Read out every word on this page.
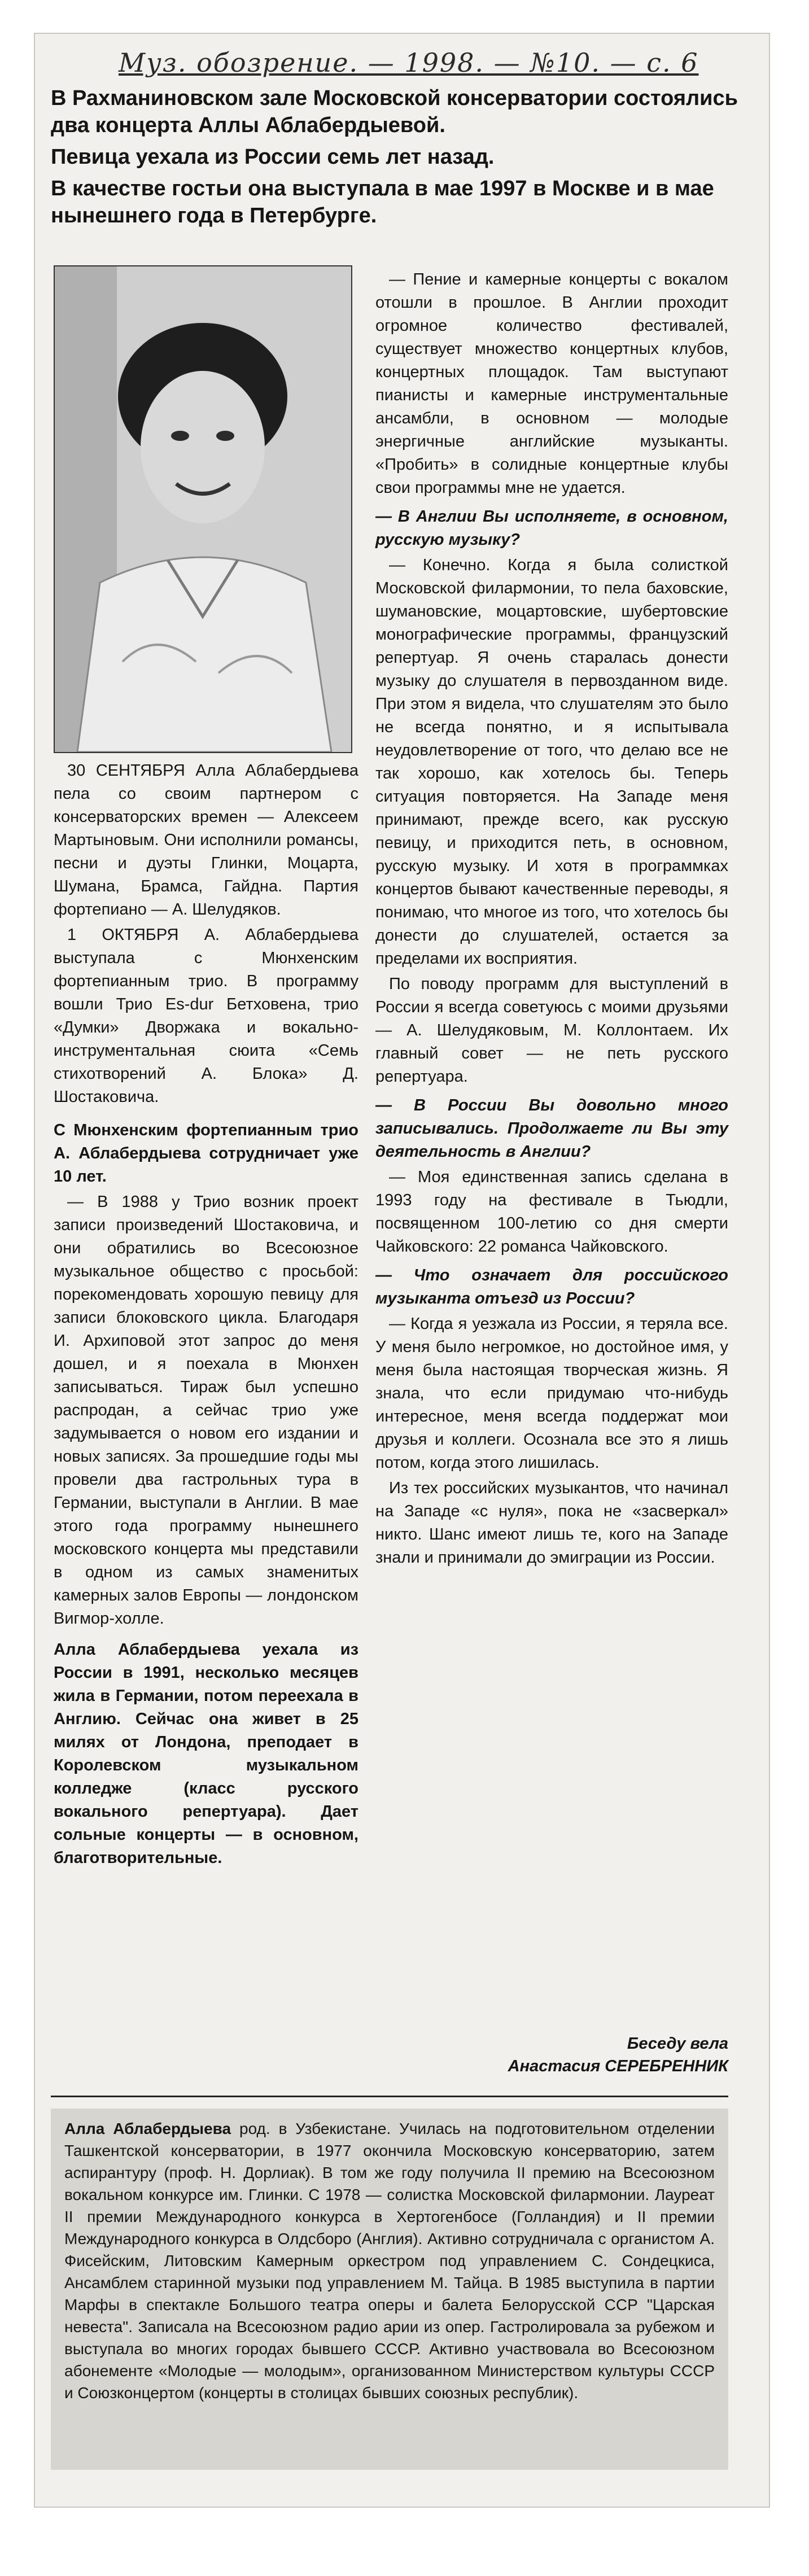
Муз. обозрение. — 1998. — №10. — с. 6

В Рахманиновском зале Московской консерватории состоялись два концерта Аллы Аблабердыевой.

Певица уехала из России семь лет назад.

В качестве гостьи она выступала в мае 1997 в Москве и в мае нынешнего года в Петербурге.

30 СЕНТЯБРЯ Алла Аблабердыева пела со своим партнером с консерваторских времен — Алексеем Мартыновым. Они исполнили романсы, песни и дуэты Глинки, Моцарта, Шумана, Брамса, Гайдна. Партия фортепиано — А. Шелудяков.

1 ОКТЯБРЯ А. Аблабердыева выступала с Мюнхенским фортепианным трио. В программу вошли Трио Es-dur Бетховена, трио «Думки» Дворжака и вокально-инструментальная сюита «Семь стихотворений А. Блока» Д. Шостаковича.

С Мюнхенским фортепианным трио А. Аблабердыева сотрудничает уже 10 лет.

— В 1988 у Трио возник проект записи произведений Шостаковича, и они обратились во Всесоюзное музыкальное общество с просьбой: порекомендовать хорошую певицу для записи блоковского цикла. Благодаря И. Архиповой этот запрос до меня дошел, и я поехала в Мюнхен записываться. Тираж был успешно распродан, а сейчас трио уже задумывается о новом его издании и новых записях. За прошедшие годы мы провели два гастрольных тура в Германии, выступали в Англии. В мае этого года программу нынешнего московского концерта мы представили в одном из самых знаменитых камерных залов Европы — лондонском Вигмор-холле.

Алла Аблабердыева уехала из России в 1991, несколько месяцев жила в Германии, потом переехала в Англию. Сейчас она живет в 25 милях от Лондона, преподает в Королевском музыкальном колледже (класс русского вокального репертуара). Дает сольные концерты — в основном, благотворительные.

— Пение и камерные концерты с вокалом отошли в прошлое. В Англии проходит огромное количество фестивалей, существует множество концертных клубов, концертных площадок. Там выступают пианисты и камерные инструментальные ансамбли, в основном — молодые энергичные английские музыканты. «Пробить» в солидные концертные клубы свои программы мне не удается.

— В Англии Вы исполняете, в основном, русскую музыку?

— Конечно. Когда я была солисткой Московской филармонии, то пела баховские, шумановские, моцартовские, шубертовские монографические программы, французский репертуар. Я очень старалась донести музыку до слушателя в первозданном виде. При этом я видела, что слушателям это было не всегда понятно, и я испытывала неудовлетворение от того, что делаю все не так хорошо, как хотелось бы. Теперь ситуация повторяется. На Западе меня принимают, прежде всего, как русскую певицу, и приходится петь, в основном, русскую музыку. И хотя в программках концертов бывают качественные переводы, я понимаю, что многое из того, что хотелось бы донести до слушателей, остается за пределами их восприятия.

По поводу программ для выступлений в России я всегда советуюсь с моими друзьями — А. Шелудяковым, М. Коллонтаем. Их главный совет — не петь русского репертуара.

— В России Вы довольно много записывались. Продолжаете ли Вы эту деятельность в Англии?

— Моя единственная запись сделана в 1993 году на фестивале в Тьюдли, посвященном 100-летию со дня смерти Чайковского: 22 романса Чайковского.

— Что означает для российского музыканта отъезд из России?

— Когда я уезжала из России, я теряла все. У меня было негромкое, но достойное имя, у меня была настоящая творческая жизнь. Я знала, что если придумаю что-нибудь интересное, меня всегда поддержат мои друзья и коллеги. Осознала все это я лишь потом, когда этого лишилась.

Из тех российских музыкантов, что начинал на Западе «с нуля», пока не «засверкал» никто. Шанс имеют лишь те, кого на Западе знали и принимали до эмиграции из России.

Беседу вела
Анастасия СЕРЕБРЕННИК
Алла Аблабердыева род. в Узбекистане. Училась на подготовительном отделении Ташкентской консерватории, в 1977 окончила Московскую консерваторию, затем аспирантуру (проф. Н. Дорлиак). В том же году получила II премию на Всесоюзном вокальном конкурсе им. Глинки. С 1978 — солистка Московской филармонии. Лауреат II премии Международного конкурса в Хертогенбосе (Голландия) и II премии Международного конкурса в Олдсборо (Англия). Активно сотрудничала с органистом А. Фисейским, Литовским Камерным оркестром под управлением С. Сондецкиса, Ансамблем старинной музыки под управлением М. Тайца. В 1985 выступила в партии Марфы в спектакле Большого театра оперы и балета Белорусской ССР "Царская невеста". Записала на Всесоюзном радио арии из опер. Гастролировала за рубежом и выступала во многих городах бывшего СССР. Активно участвовала во Всесоюзном абонементе «Молодые — молодым», организованном Министерством культуры СССР и Союзконцертом (концерты в столицах бывших союзных республик).
